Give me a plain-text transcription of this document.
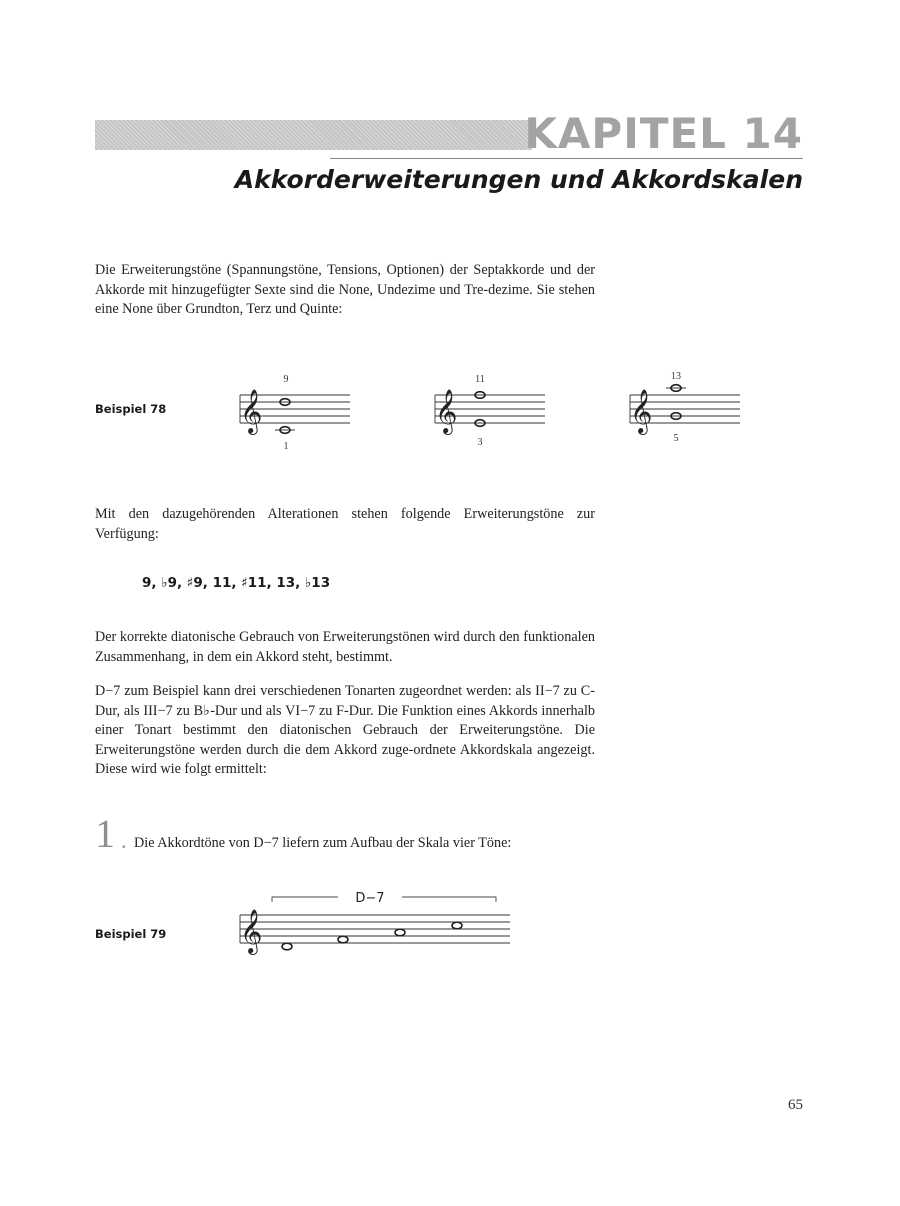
KAPITEL 14
Akkorderweiterungen und Akkordskalen

Die Erweiterungstöne (Spannungstöne, Tensions, Optionen) der Septakkorde und der Akkorde mit hinzugefügter Sexte sind die None, Undezime und Tre-dezime. Sie stehen eine None über Grundton, Terz und Quinte:

Beispiel 78 𝄞
9
1
𝄞
11
3
𝄞
13
5

Mit den dazugehörenden Alterationen stehen folgende Erweiterungstöne zur Verfügung:

9, ♭9, ♯9, 11, ♯11, 13, ♭13

Der korrekte diatonische Gebrauch von Erweiterungstönen wird durch den funktionalen Zusammenhang, in dem ein Akkord steht, bestimmt.

D−7 zum Beispiel kann drei verschiedenen Tonarten zugeordnet werden: als II−7 zu C-Dur, als III−7 zu B♭-Dur und als VI−7 zu F-Dur. Die Funktion eines Akkords innerhalb einer Tonart bestimmt den diatonischen Gebrauch der Erweiterungstöne. Die Erweiterungstöne werden durch die dem Akkord zuge-ordnete Akkordskala angezeigt. Diese wird wie folgt ermittelt:

1 . Die Akkordtöne von D−7 liefern zum Aufbau der Skala vier Töne:
Beispiel 79
D−7
𝄞
65
